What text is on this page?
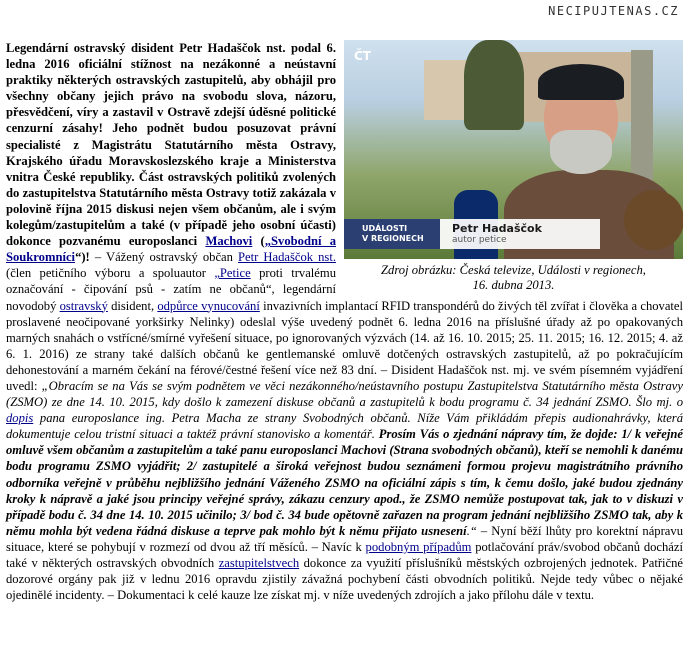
NECIPUJTENAS.CZ
ČT
UDÁLOSTI
V REGIONECH
Petr Hadaščok
autor petice
Zdroj obrázku: Česká televize, Události v regionech,
16. dubna 2013.
Legendární ostravský disident Petr Hadaščok nst. podal 6. ledna 2016 oficiální stížnost na nezákonné a neústavní praktiky některých ostravských zastupitelů, aby obhájil pro všechny občany jejich právo na svobodu slova, názoru, přesvědčení, víry a zastavil v Ostravě zdejší úděsné politické cenzurní zásahy! Jeho podnět budou posuzovat právní specialisté z Magistrátu Statutárního města Ostravy, Krajského úřadu Moravskoslezského kraje a Ministerstva vnitra České republiky. Část ostravských politiků zvolených do zastupitelstva Statutárního města Ostravy totiž zakázala v polovině října 2015 diskusi nejen všem občanům, ale i svým kolegům/zastupitelům a také (v případě jeho osobní účasti) dokonce pozvanému europoslanci Machovi („Svobodní a Soukromníci“)! – Vážený ostravský občan Petr Hadaščok nst. (člen petičního výboru a spoluautor „Petice proti trvalému označování - čipování psů - zatím ne občanů“, legendární novodobý ostravský disident, odpůrce vynucování invazivních implantací RFID transpondérů do živých těl zvířat i člověka a chovatel proslavené neočipované yorkširky Nelinky) odeslal výše uvedený podnět 6. ledna 2016 na příslušné úřady až po opakovaných marných snahách o vstřícné/smírné vyřešení situace, po ignorovaných výzvách (14. až 16. 10. 2015; 25. 11. 2015; 16. 12. 2015; 4. až 6. 1. 2016) ze strany také dalších občanů ke gentlemanské omluvě dotčených ostravských zastupitelů, až po pokračujícím dehonestování a marném čekání na férové/čestné řešení více než 83 dní. – Disident Hadaščok nst. mj. ve svém písemném vyjádření uvedl: „Obracím se na Vás se svým podnětem ve věci nezákonného/neústavního postupu Zastupitelstva Statutárního města Ostravy (ZSMO) ze dne 14. 10. 2015, kdy došlo k zamezení diskuse občanů a zastupitelů k bodu programu č. 34 jednání ZSMO. Šlo mj. o dopis pana europoslance ing. Petra Macha ze strany Svobodných občanů. Níže Vám přikládám přepis audionahrávky, která dokumentuje celou tristní situaci a taktéž právní stanovisko a komentář. Prosím Vás o zjednání nápravy tím, že dojde: 1/ k veřejné omluvě všem občanům a zastupitelům a také panu europoslanci Machovi (Strana svobodných občanů), kteří se nemohli k danému bodu programu ZSMO vyjádřit; 2/ zastupitelé a široká veřejnost budou seznámeni formou projevu magistrátního právního odborníka veřejně v průběhu nejbližšího jednání Váženého ZSMO na oficiální zápis s tím, k čemu došlo, jaké budou zjednány kroky k nápravě a jaké jsou principy veřejné správy, zákazu cenzury apod., že ZSMO nemůže postupovat tak, jak to v diskuzi v případě bodu č. 34 dne 14. 10. 2015 učinilo; 3/ bod č. 34 bude opětovně zařazen na program jednání nejbližšího ZSMO tak, aby k němu mohla být vedena řádná diskuse a teprve pak mohlo být k němu přijato usnesení.“ – Nyní běží lhůty pro korektní nápravu situace, které se pohybují v rozmezí od dvou až tří měsíců. – Navíc k podobným případům potlačování práv/svobod občanů dochází také v některých ostravských obvodních zastupitelstvech dokonce za využití příslušníků městských ozbrojených jednotek. Patřičné dozorové orgány pak již v lednu 2016 opravdu zjistily závažná pochybení části obvodních politiků. Nejde tedy vůbec o nějaké ojedinělé incidenty. – Dokumentaci k celé kauze lze získat mj. v níže uvedených zdrojích a jako přílohu dále v textu.
